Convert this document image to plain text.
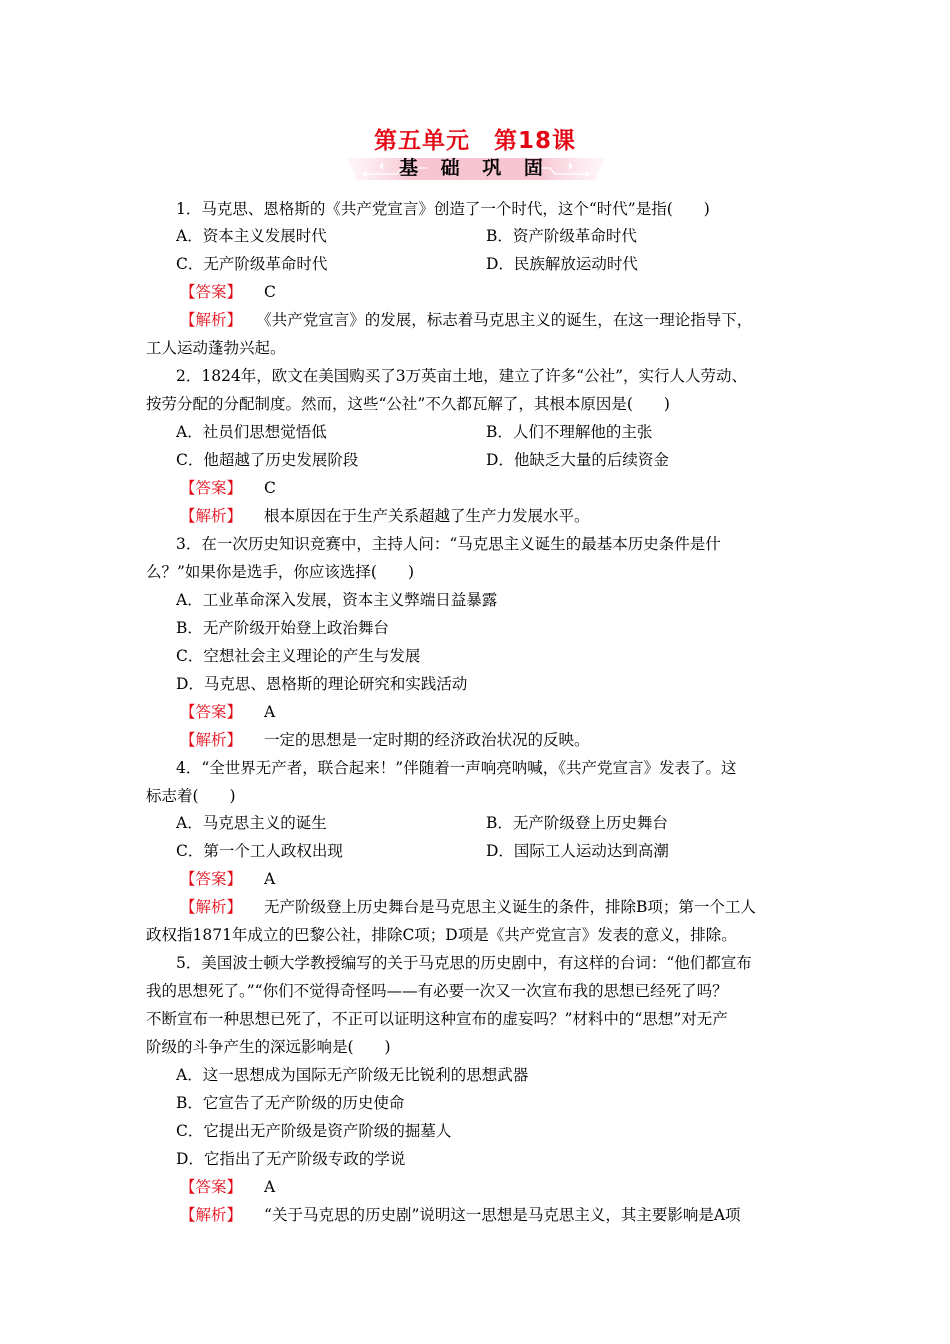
第五单元　第18课
基 础 巩 固
1．马克思、恩格斯的《共产党宣言》创造了一个时代，这个“时代”是指(　　)
A．资本主义发展时代	B．资产阶级革命时代
C．无产阶级革命时代	D．民族解放运动时代
【答案】 C
【解析】 《共产党宣言》的发展，标志着马克思主义的诞生，在这一理论指导下，
工人运动蓬勃兴起。
2．1824年，欧文在美国购买了3万英亩土地，建立了许多“公社”，实行人人劳动、
按劳分配的分配制度。然而，这些“公社”不久都瓦解了，其根本原因是(　　)
A．社员们思想觉悟低	B．人们不理解他的主张
C．他超越了历史发展阶段	D．他缺乏大量的后续资金
【答案】 C
【解析】 根本原因在于生产关系超越了生产力发展水平。
3．在一次历史知识竞赛中，主持人问：“马克思主义诞生的最基本历史条件是什
么？”如果你是选手，你应该选择(　　)
A．工业革命深入发展，资本主义弊端日益暴露
B．无产阶级开始登上政治舞台
C．空想社会主义理论的产生与发展
D．马克思、恩格斯的理论研究和实践活动
【答案】 A
【解析】 一定的思想是一定时期的经济政治状况的反映。
4．“全世界无产者，联合起来！”伴随着一声响亮呐喊，《共产党宣言》发表了。这
标志着(　　)
A．马克思主义的诞生	B．无产阶级登上历史舞台
C．第一个工人政权出现	D．国际工人运动达到高潮
【答案】 A
【解析】 无产阶级登上历史舞台是马克思主义诞生的条件，排除B项；第一个工人
政权指1871年成立的巴黎公社，排除C项；D项是《共产党宣言》发表的意义，排除。
5．美国波士顿大学教授编写的关于马克思的历史剧中，有这样的台词：“他们都宣布
我的思想死了。”“你们不觉得奇怪吗——有必要一次又一次宣布我的思想已经死了吗？
不断宣布一种思想已死了，不正可以证明这种宣布的虚妄吗？”材料中的“思想”对无产
阶级的斗争产生的深远影响是(　　)
A．这一思想成为国际无产阶级无比锐利的思想武器
B．它宣告了无产阶级的历史使命
C．它提出无产阶级是资产阶级的掘墓人
D．它指出了无产阶级专政的学说
【答案】 A
【解析】 “关于马克思的历史剧”说明这一思想是马克思主义，其主要影响是A项
